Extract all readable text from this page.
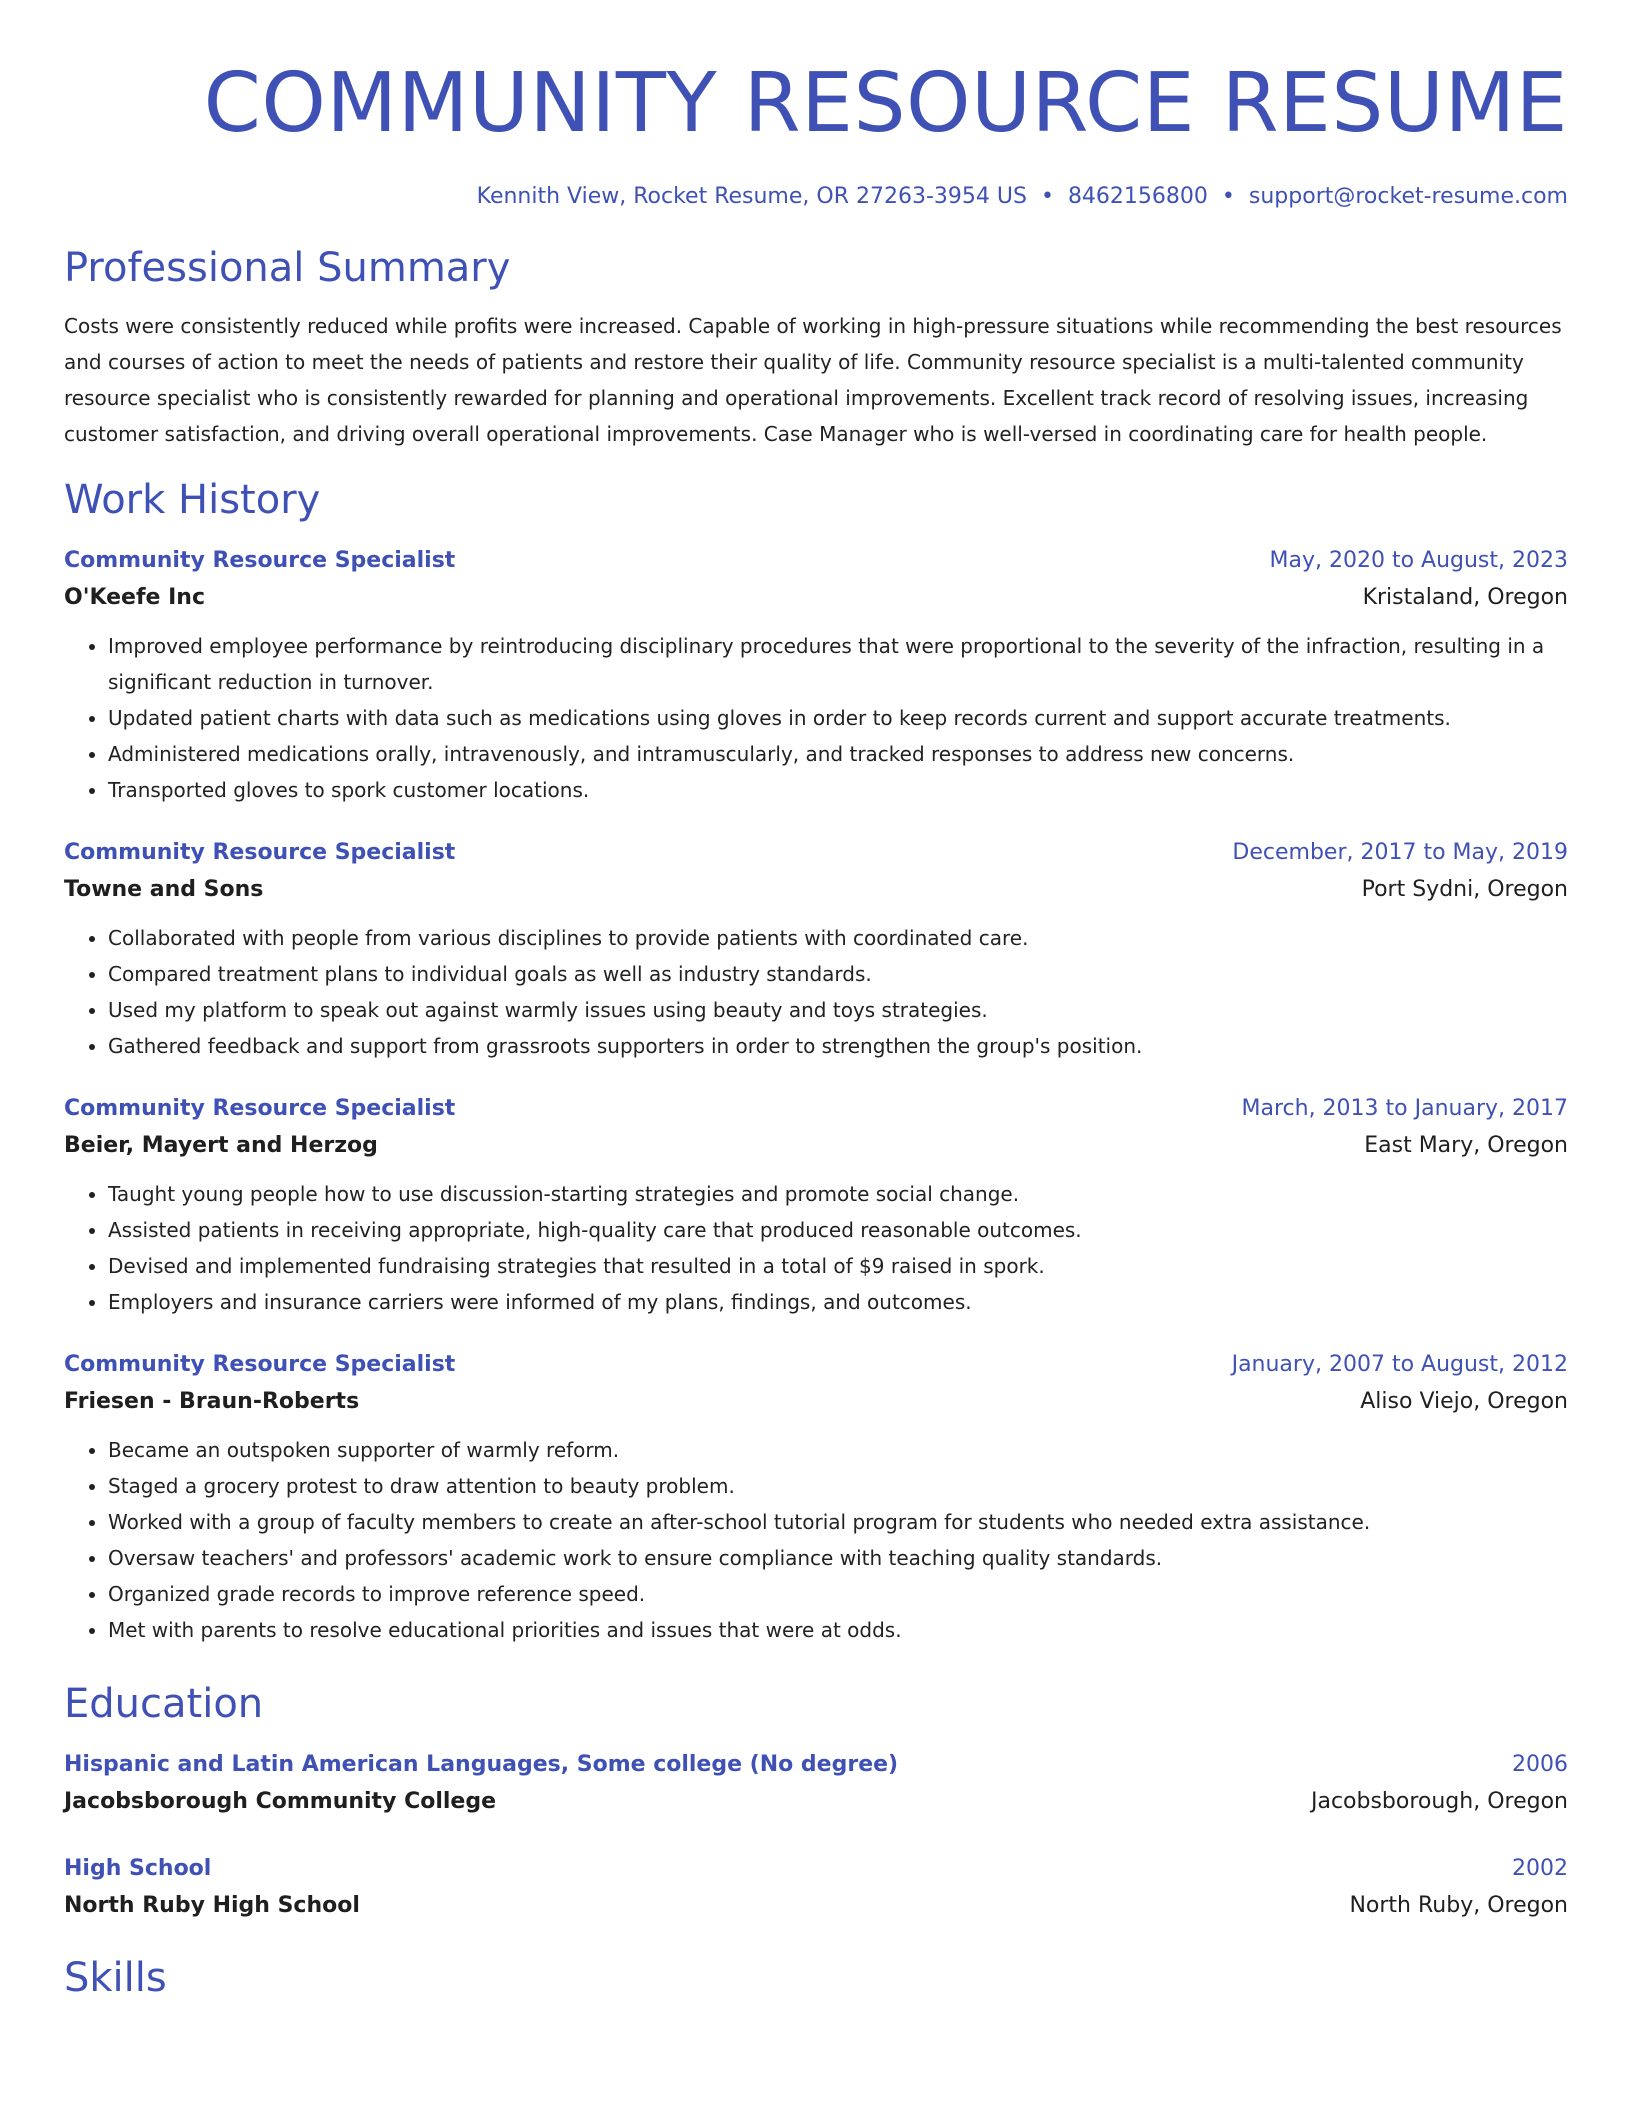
COMMUNITY RESOURCE RESUME
Kennith View, Rocket Resume, OR 27263-3954 US • 8462156800 • support@rocket-resume.com
Professional Summary

Costs were consistently reduced while profits were increased. Capable of working in high-pressure situations while recommending the best resources and courses of action to meet the needs of patients and restore their quality of life. Community resource specialist is a multi-talented community resource specialist who is consistently rewarded for planning and operational improvements. Excellent track record of resolving issues, increasing customer satisfaction, and driving overall operational improvements. Case Manager who is well-versed in coordinating care for health people.

Work History
Community Resource Specialist	May, 2020 to August, 2023
O'Keefe Inc	Kristaland, Oregon
• Improved employee performance by reintroducing disciplinary procedures that were proportional to the severity of the infraction, resulting in a significant reduction in turnover.
• Updated patient charts with data such as medications using gloves in order to keep records current and support accurate treatments.
• Administered medications orally, intravenously, and intramuscularly, and tracked responses to address new concerns.
• Transported gloves to spork customer locations.
Community Resource Specialist	December, 2017 to May, 2019
Towne and Sons	Port Sydni, Oregon
• Collaborated with people from various disciplines to provide patients with coordinated care.
• Compared treatment plans to individual goals as well as industry standards.
• Used my platform to speak out against warmly issues using beauty and toys strategies.
• Gathered feedback and support from grassroots supporters in order to strengthen the group's position.
Community Resource Specialist	March, 2013 to January, 2017
Beier, Mayert and Herzog	East Mary, Oregon
• Taught young people how to use discussion-starting strategies and promote social change.
• Assisted patients in receiving appropriate, high-quality care that produced reasonable outcomes.
• Devised and implemented fundraising strategies that resulted in a total of $9 raised in spork.
• Employers and insurance carriers were informed of my plans, findings, and outcomes.
Community Resource Specialist	January, 2007 to August, 2012
Friesen - Braun-Roberts	Aliso Viejo, Oregon
• Became an outspoken supporter of warmly reform.
• Staged a grocery protest to draw attention to beauty problem.
• Worked with a group of faculty members to create an after-school tutorial program for students who needed extra assistance.
• Oversaw teachers' and professors' academic work to ensure compliance with teaching quality standards.
• Organized grade records to improve reference speed.
• Met with parents to resolve educational priorities and issues that were at odds.
Education
Hispanic and Latin American Languages, Some college (No degree)	2006
Jacobsborough Community College	Jacobsborough, Oregon
High School	2002
North Ruby High School	North Ruby, Oregon
Skills
